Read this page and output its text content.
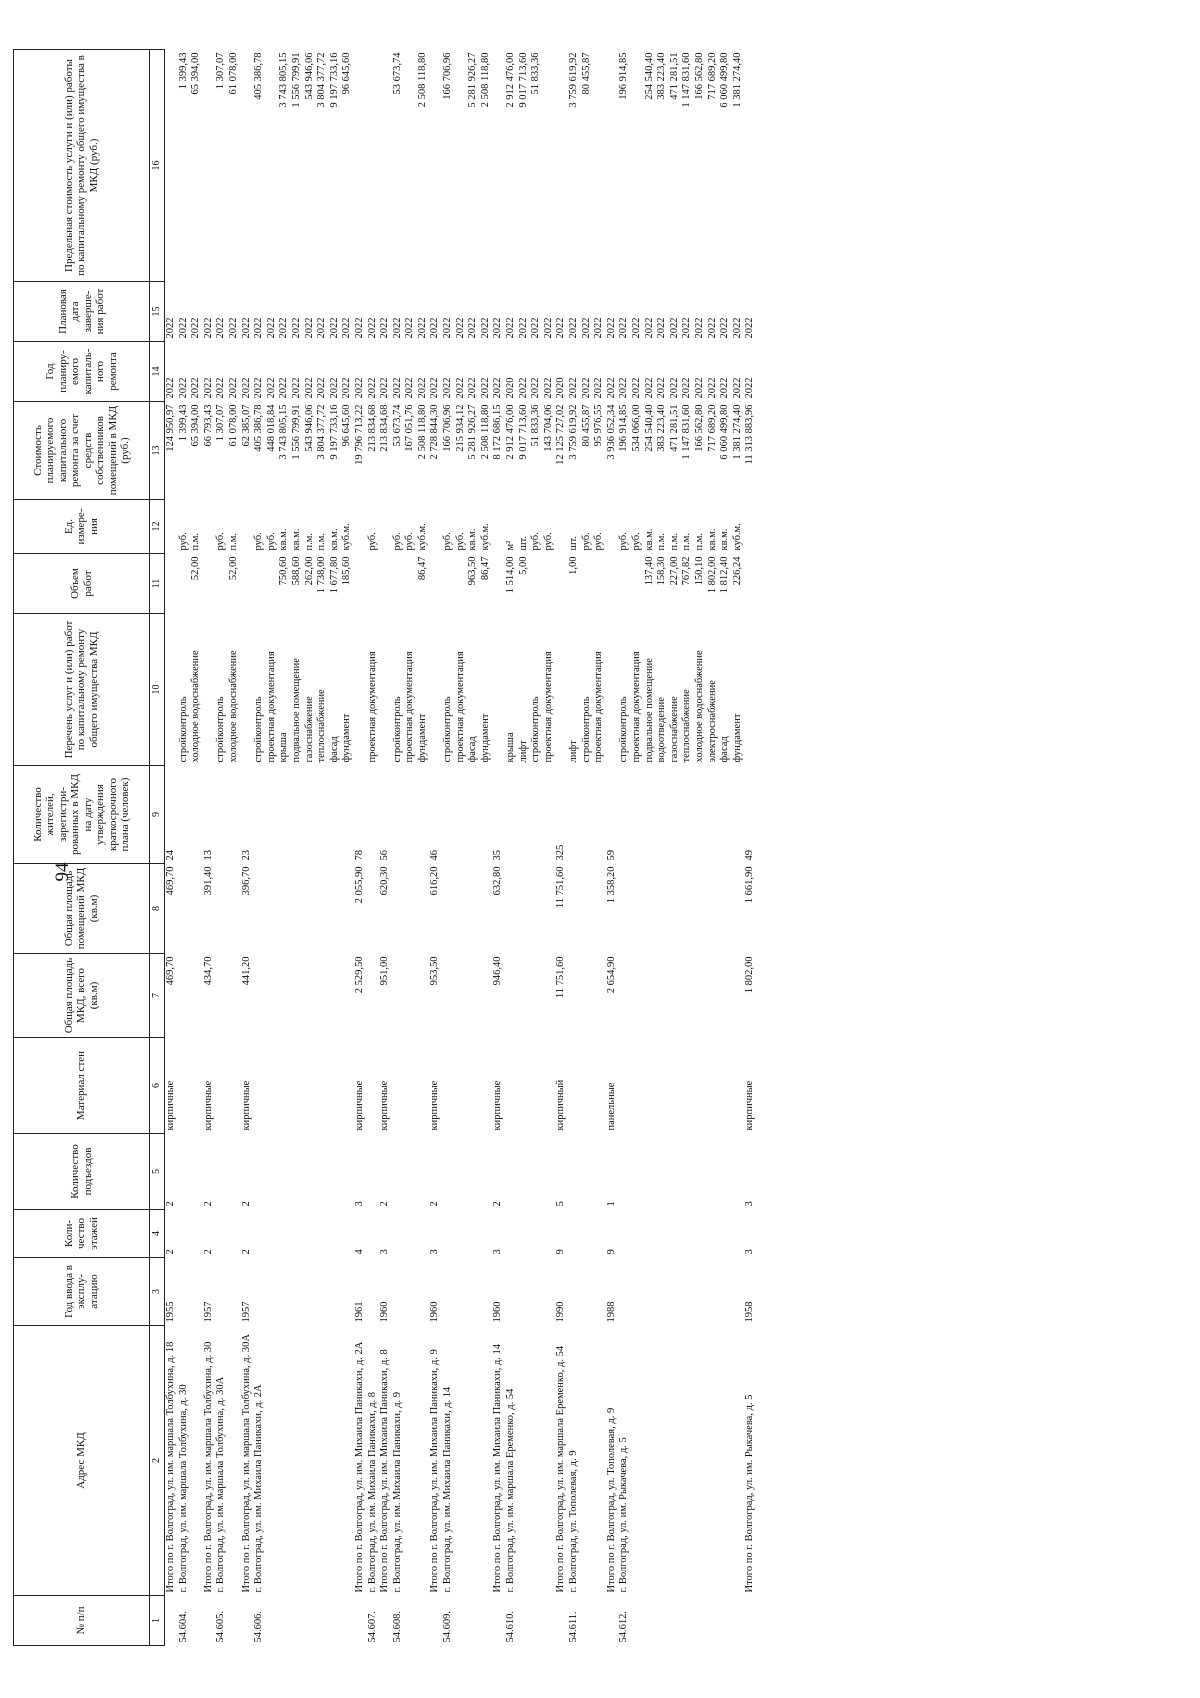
94
№ п/п	Адрес МКД	Год ввода в эксплу-атацию	Коли-чество этажей	Количество подъездов	Материал стен	Общая площадь МКД, всего (кв.м)	Общая площадь помещений МКД (кв.м)	Количество жителей, зарегистри-рованных в МКД на дату утверждения краткосрочного плана (человек)	Перечень услуг и (или) работ по капитальному ремонту общего имущества МКД	Объем работ	Ед. измере-ния	Стоимость планируемого капитального ремонта за счет средств собственников помещений в МКД (руб.)	Год планиру-емого капиталь-ного ремонта	Плановая дата заверше-ния работ	Предельная стоимость услуги и (или) работы по капитальному ремонту общего имущества в МКД (руб.)
1	2	3	4	5	6	7	8	9	10	11	12	13	14	15	16
	Итого по г. Волгоград, ул. им. маршала Толбухина, д. 18	1955	2	2	кирпичные	469,70	469,70	24				124 950,97	2022	2022	
54.604.	г. Волгоград, ул. им. маршала Толбухина, д. 30								стройконтроль		руб.	1 399,43	2022	2022	1 399,43
									холодное водоснабжение	52,00	п.м.	65 394,00	2022	2022	65 394,00
	Итого по г. Волгоград, ул. им. маршала Толбухина, д. 30	1957	2	2	кирпичные	434,70	391,40	13				66 793,43	2022	2022	
54.605.	г. Волгоград, ул. им. маршала Толбухина, д. 30А								стройконтроль		руб.	1 307,07	2022	2022	1 307,07
									холодное водоснабжение	52,00	п.м.	61 078,00	2022	2022	61 078,00
	Итого по г. Волгоград, ул. им. маршала Толбухина, д. 30А	1957	2	2	кирпичные	441,20	396,70	23				62 385,07	2022	2022	
54.606.	г. Волгоград, ул. им. Михаила Паникахи, д. 2А								стройконтроль		руб.	405 386,78	2022	2022	405 386,78
									проектная документация		руб.	448 018,84	2022	2022	
									крыша	750,60	кв.м.	3 743 805,15	2022	2022	3 743 805,15
									подвальное помещение	588,60	кв.м.	1 556 799,91	2022	2022	1 556 799,91
									газоснабжение	262,00	п.м.	543 946,06	2022	2022	543 946,06
									теплоснабжение	1 738,00	п.м.	3 804 377,72	2022	2022	3 804 377,72
									фасад	1 677,80	кв.м.	9 197 733,16	2022	2022	9 197 733,16
									фундамент	185,60	куб.м.	96 645,60	2022	2022	96 645,60
	Итого по г. Волгоград, ул. им. Михаила Паникахи, д. 2А	1961	4	3	кирпичные	2 529,50	2 055,90	78				19 796 713,22	2022	2022	
54.607.	г. Волгоград, ул. им. Михаила Паникахи, д. 8								проектная документация		руб.	213 834,68	2022	2022	
	Итого по г. Волгоград, ул. им. Михаила Паникахи, д. 8	1960	3	2	кирпичные	951,00	620,30	56				213 834,68	2022	2022	
54.608.	г. Волгоград, ул. им. Михаила Паникахи, д. 9								стройконтроль		руб.	53 673,74	2022	2022	53 673,74
									проектная документация		руб.	167 051,76	2022	2022	
									фундамент	86,47	куб.м.	2 508 118,80	2022	2022	2 508 118,80
	Итого по г. Волгоград, ул. им. Михаила Паникахи, д. 9	1960	3	2	кирпичные	953,50	616,20	46				2 728 844,30	2022	2022	
54.609.	г. Волгоград, ул. им. Михаила Паникахи, д. 14								стройконтроль		руб.	166 706,96	2022	2022	166 706,96
									проектная документация		руб.	215 934,12	2022	2022	
									фасад	963,50	кв.м.	5 281 926,27	2022	2022	5 281 926,27
									фундамент	86,47	куб.м.	2 508 118,80	2022	2022	2 508 118,80
	Итого по г. Волгоград, ул. им. Михаила Паникахи, д. 14	1960	3	2	кирпичные	946,40	632,80	35				8 172 686,15	2022	2022	
54.610.	г. Волгоград, ул. им. маршала Еременко, д. 54								крыша	1 514,00	м²	2 912 476,00	2020	2022	2 912 476,00
									лифт	5,00	шт.	9 017 713,60	2022	2022	9 017 713,60
									стройконтроль		руб.	51 833,36	2022	2022	51 833,36
									проектная документация		руб.	143 704,06	2022	2022	
	Итого по г. Волгоград, ул. им. маршала Еременко, д. 54	1990	9	5	кирпичный	11 751,60	11 751,60	325				12 125 727,02	2020	2022	
54.611.	г. Волгоград, ул. Тополевая, д. 9								лифт	1,00	шт.	3 759 619,92	2022	2022	3 759 619,92
									стройконтроль		руб.	80 455,87	2022	2022	80 455,87
									проектная документация		руб.	95 976,55	2022	2022	
	Итого по г. Волгоград, ул. Тополевая, д. 9	1988	9	1	панельные	2 654,90	1 358,20	59				3 936 052,34	2022	2022	
54.612.	г. Волгоград, ул. им. Рыкачева, д. 5								стройконтроль		руб.	196 914,85	2022	2022	196 914,85
									проектная документация		руб.	534 066,00	2022	2022	
									подвальное помещение	137,40	кв.м.	254 540,40	2022	2022	254 540,40
									водоотведение	158,30	п.м.	383 223,40	2022	2022	383 223,40
									газоснабжение	227,00	п.м.	471 281,51	2022	2022	471 281,51
									теплоснабжение	767,82	п.м.	1 147 831,60	2022	2022	1 147 831,60
									холодное водоснабжение	150,10	п.м.	166 562,80	2022	2022	166 562,80
									электроснабжение	1 802,00	кв.м.	717 689,20	2022	2022	717 689,20
									фасад	1 812,40	кв.м.	6 060 499,80	2022	2022	6 060 499,80
									фундамент	226,24	куб.м.	1 381 274,40	2022	2022	1 381 274,40
	Итого по г. Волгоград, ул. им. Рыкачева, д. 5	1958	3	3	кирпичные	1 802,00	1 661,90	49				11 313 883,96	2022	2022	
